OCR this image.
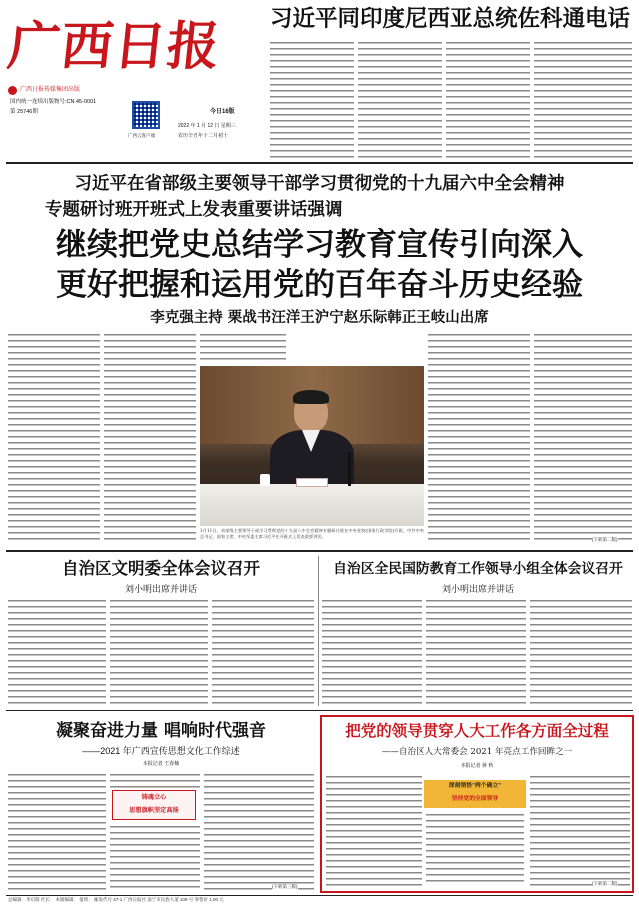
广西日报
广西日报传媒集团出版
国内统一连续出版物号:CN 45-0001
第 25746期
广西云客户端
今日16版
2022 年 1 月 12 日 星期三
农历辛丑年十二月初十
习近平同印度尼西亚总统佐科通电话
习近平在省部级主要领导干部学习贯彻党的十九届六中全会精神
专题研讨班开班式上发表重要讲话强调
继续把党史总结学习教育宣传引向深入
更好把握和运用党的百年奋斗历史经验
李克强主持 栗战书汪洋王沪宁赵乐际韩正王岐山出席
1月11日，省部级主要领导干部学习贯彻党的十九届六中全会精神专题研讨班在中央党校(国家行政学院)开班。中共中央总书记、国家主席、中央军委主席习近平在开班式上发表重要讲话。
(下转第二版)
自治区文明委全体会议召开
刘小明出席并讲话
自治区全民国防教育工作领导小组全体会议召开
刘小明出席并讲话
凝聚奋进力量 唱响时代强音
——2021 年广西宣传思想文化工作综述
本报记者 王春楠
铸魂立心
思想旗帜坚定高扬
(下转第三版)
把党的领导贯穿人大工作各方面全过程
——自治区人大常委会 2021 年亮点工作回眸之一
本报记者 蒋 秋
深刻领悟"两个确立"
坚持党的全面领导
(下转第二版)
总编辑：李启瑞 社长： 本版编辑： 值班： 邮发代号 47-1 广西日报社 南宁市民族大道 109 号 零售价 1.00 元
